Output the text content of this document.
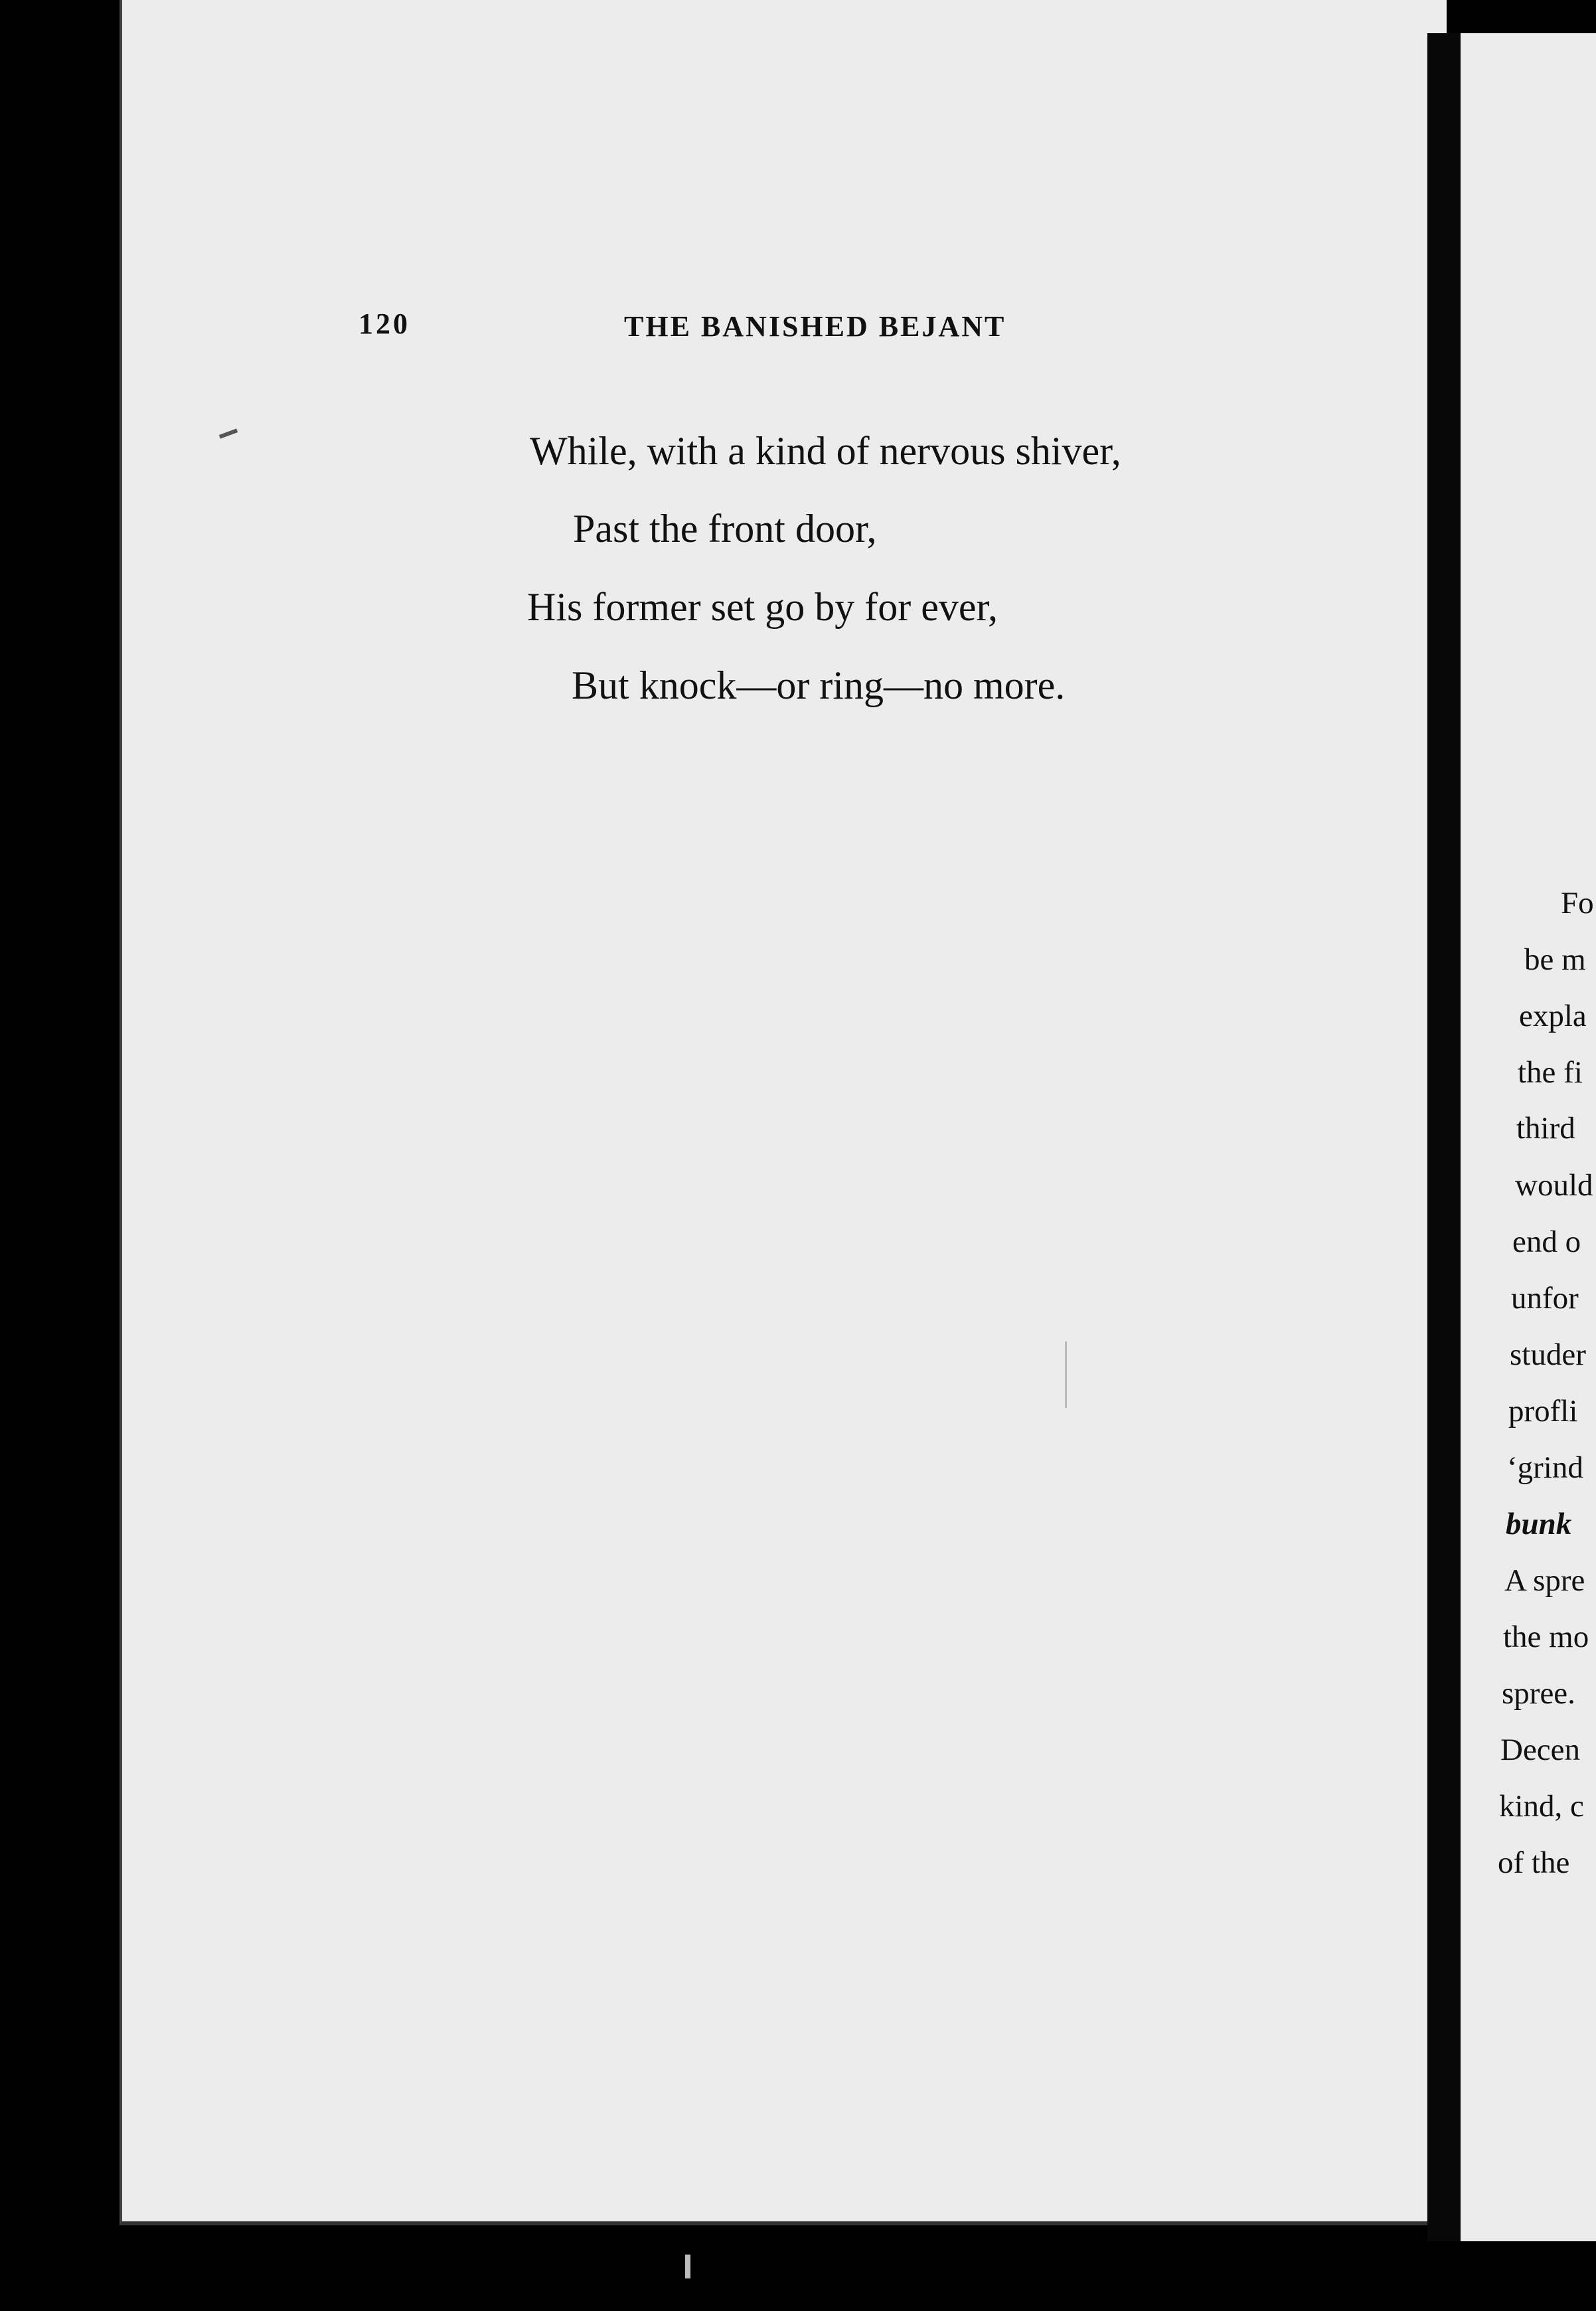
120	THE BANISHED BEJANT
While, with a kind of nervous shiver,
Past the front door,
His former set go by for ever,
But knock—or ring—no more.
Fo
be m
expla
the fi
third
would
end o
unfor
studer
profli
‘grind
bunk
A spre
the mo
spree.
Decen
kind, c
of the
